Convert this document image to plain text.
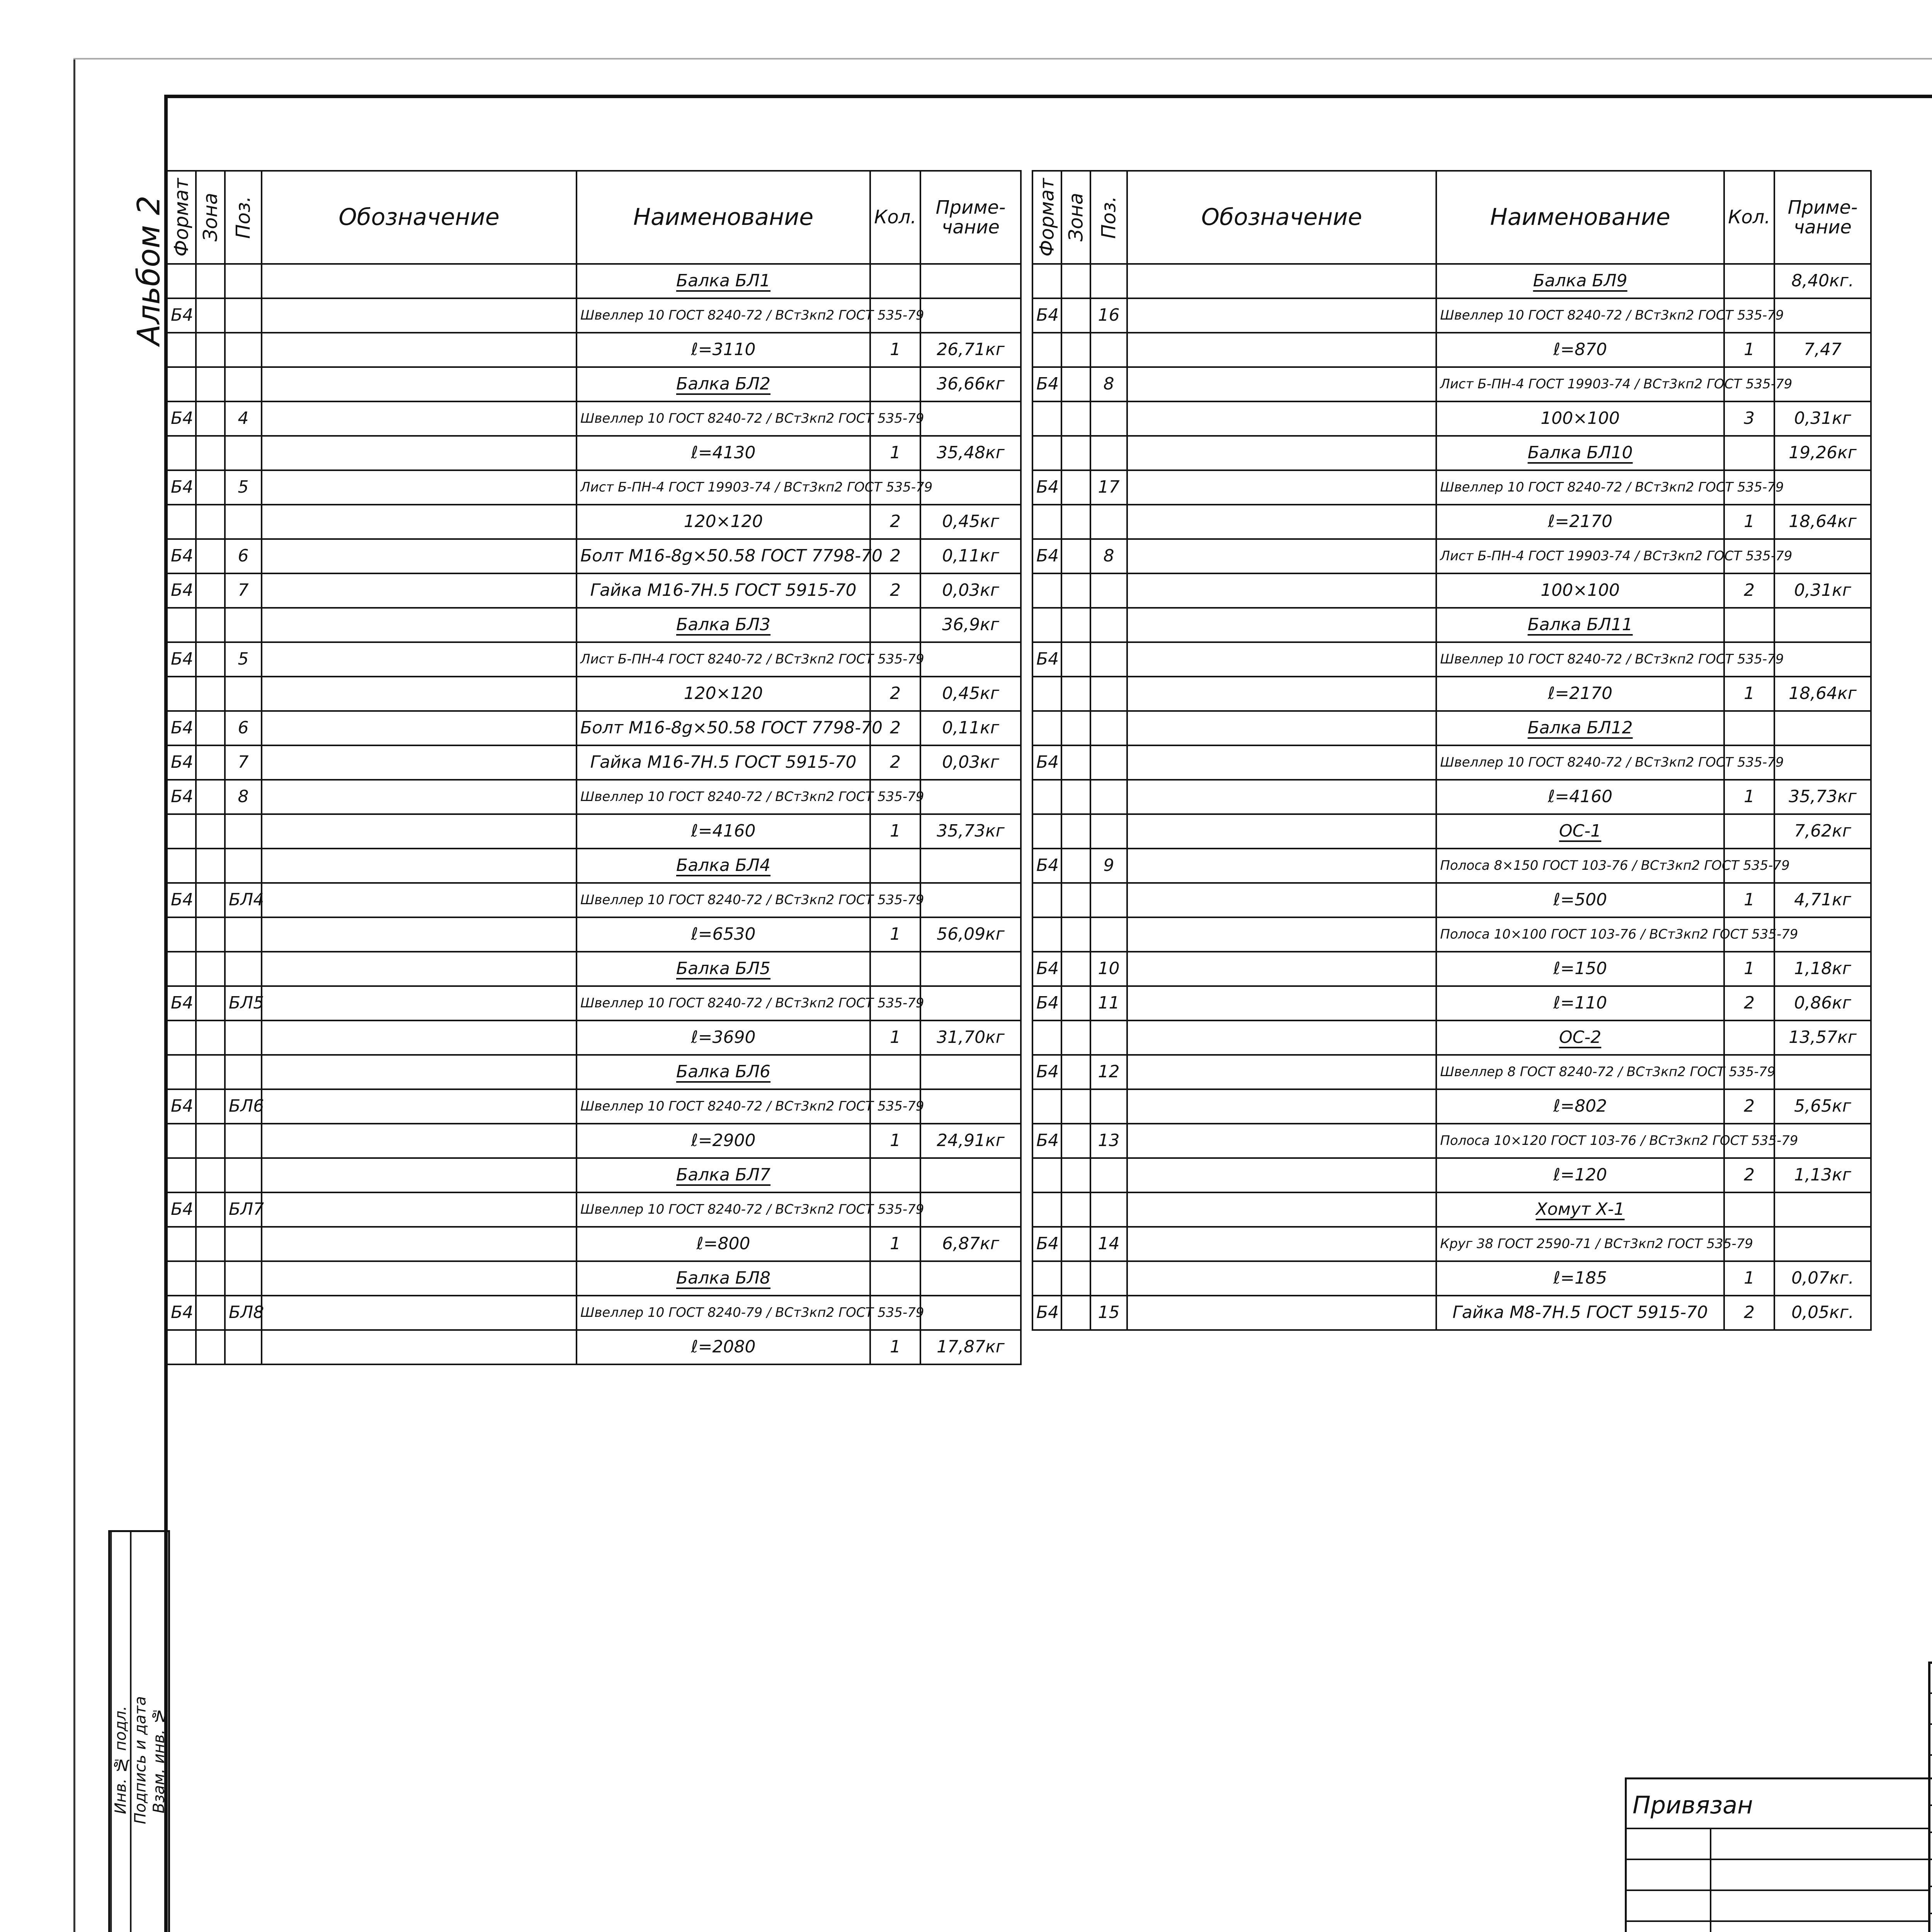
Альбом 2
Инв. № подл. Подпись и дата Взам. инв. №
Формат	Зона	Поз.	Обозначение	Наименование	Кол.	Приме-чание
				Балка БЛ1		
Б4				Швеллер 10 ГОСТ 8240-72 / ВСт3кп2 ГОСТ 535-79		
				ℓ=3110	1	26,71кг
				Балка БЛ2		36,66кг
Б4		4		Швеллер 10 ГОСТ 8240-72 / ВСт3кп2 ГОСТ 535-79		
				ℓ=4130	1	35,48кг
Б4		5		Лист Б-ПН-4 ГОСТ 19903-74 / ВСт3кп2 ГОСТ 535-79		
				120×120	2	0,45кг
Б4		6		Болт М16-8g×50.58 ГОСТ 7798-70	2	0,11кг
Б4		7		Гайка М16-7Н.5 ГОСТ 5915-70	2	0,03кг
				Балка БЛ3		36,9кг
Б4		5		Лист Б-ПН-4 ГОСТ 8240-72 / ВСт3кп2 ГОСТ 535-79		
				120×120	2	0,45кг
Б4		6		Болт М16-8g×50.58 ГОСТ 7798-70	2	0,11кг
Б4		7		Гайка М16-7Н.5 ГОСТ 5915-70	2	0,03кг
Б4		8		Швеллер 10 ГОСТ 8240-72 / ВСт3кп2 ГОСТ 535-79		
				ℓ=4160	1	35,73кг
				Балка БЛ4		
Б4		БЛ4		Швеллер 10 ГОСТ 8240-72 / ВСт3кп2 ГОСТ 535-79		
				ℓ=6530	1	56,09кг
				Балка БЛ5		
Б4		БЛ5		Швеллер 10 ГОСТ 8240-72 / ВСт3кп2 ГОСТ 535-79		
				ℓ=3690	1	31,70кг
				Балка БЛ6		
Б4		БЛ6		Швеллер 10 ГОСТ 8240-72 / ВСт3кп2 ГОСТ 535-79		
				ℓ=2900	1	24,91кг
				Балка БЛ7		
Б4		БЛ7		Швеллер 10 ГОСТ 8240-72 / ВСт3кп2 ГОСТ 535-79		
				ℓ=800	1	6,87кг
				Балка БЛ8		
Б4		БЛ8		Швеллер 10 ГОСТ 8240-79 / ВСт3кп2 ГОСТ 535-79		
				ℓ=2080	1	17,87кг
Формат	Зона	Поз.	Обозначение	Наименование	Кол.	Приме-чание
				Балка БЛ9		8,40кг.
Б4		16		Швеллер 10 ГОСТ 8240-72 / ВСт3кп2 ГОСТ 535-79		
				ℓ=870	1	7,47
Б4		8		Лист Б-ПН-4 ГОСТ 19903-74 / ВСт3кп2 ГОСТ 535-79		
				100×100	3	0,31кг
				Балка БЛ10		19,26кг
Б4		17		Швеллер 10 ГОСТ 8240-72 / ВСт3кп2 ГОСТ 535-79		
				ℓ=2170	1	18,64кг
Б4		8		Лист Б-ПН-4 ГОСТ 19903-74 / ВСт3кп2 ГОСТ 535-79		
				100×100	2	0,31кг
				Балка БЛ11		
Б4				Швеллер 10 ГОСТ 8240-72 / ВСт3кп2 ГОСТ 535-79		
				ℓ=2170	1	18,64кг
				Балка БЛ12		
Б4				Швеллер 10 ГОСТ 8240-72 / ВСт3кп2 ГОСТ 535-79		
				ℓ=4160	1	35,73кг
				ОС-1		7,62кг
Б4		9		Полоса 8×150 ГОСТ 103-76 / ВСт3кп2 ГОСТ 535-79		
				ℓ=500	1	4,71кг
				Полоса 10×100 ГОСТ 103-76 / ВСт3кп2 ГОСТ 535-79		
Б4		10		ℓ=150	1	1,18кг
Б4		11		ℓ=110	2	0,86кг
				ОС-2		13,57кг
Б4		12		Швеллер 8 ГОСТ 8240-72 / ВСт3кп2 ГОСТ 535-79		
				ℓ=802	2	5,65кг
Б4		13		Полоса 10×120 ГОСТ 103-76 / ВСт3кп2 ГОСТ 535-79		
				ℓ=120	2	1,13кг
				Хомут Х-1		
Б4		14		Круг 38 ГОСТ 2590-71 / ВСт3кп2 ГОСТ 535-79		
				ℓ=185	1	0,07кг.
Б4		15		Гайка М8-7Н.5 ГОСТ 5915-70	2	0,05кг.
Привязан
